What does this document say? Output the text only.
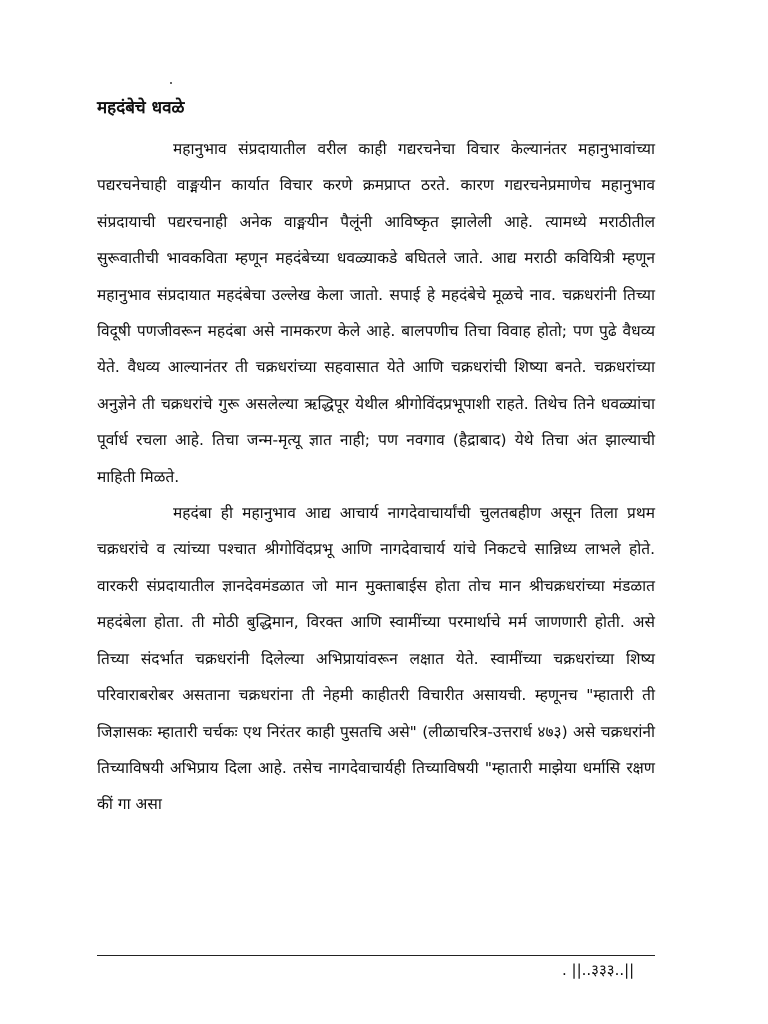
महदंबेचे धवळे

महानुभाव संप्रदायातील वरील काही गद्यरचनेचा विचार केल्यानंतर महानुभावांच्या पद्यरचनेचाही वाङ्मयीन कार्यात विचार करणे क्रमप्राप्त ठरते. कारण गद्यरचनेप्रमाणेच महानुभाव संप्रदायाची पद्यरचनाही अनेक वाङ्मयीन पैलूंनी आविष्कृत झालेली आहे. त्यामध्ये मराठीतील सुरूवातीची भावकविता म्हणून महदंबेच्या धवळ्याकडे बघितले जाते. आद्य मराठी कवियित्री म्हणून महानुभाव संप्रदायात महदंबेचा उल्लेख केला जातो. सपाई हे महदंबेचे मूळचे नाव. चक्रधरांनी तिच्या विदूषी पणजीवरून महदंबा असे नामकरण केले आहे. बालपणीच तिचा विवाह होतो; पण पुढे वैधव्य येते. वैधव्य आल्यानंतर ती चक्रधरांच्या सहवासात येते आणि चक्रधरांची शिष्या बनते. चक्रधरांच्या अनुज्ञेने ती चक्रधरांचे गुरू असलेल्या ऋद्धिपूर येथील श्रीगोविंदप्रभूपाशी राहते. तिथेच तिने धवळ्यांचा पूर्वार्ध रचला आहे. तिचा जन्म-मृत्यू ज्ञात नाही; पण नवगाव (हैद्राबाद) येथे तिचा अंत झाल्याची माहिती मिळते.

महदंबा ही महानुभाव आद्य आचार्य नागदेवाचार्यांची चुलतबहीण असून तिला प्रथम चक्रधरांचे व त्यांच्या पश्चात श्रीगोविंदप्रभू आणि नागदेवाचार्य यांचे निकटचे सान्निध्य लाभले होते. वारकरी संप्रदायातील ज्ञानदेवमंडळात जो मान मुक्ताबाईस होता तोच मान श्रीचक्रधरांच्या मंडळात महदंबेला होता. ती मोठी बुद्धिमान, विरक्त आणि स्वामींच्या परमार्थाचे मर्म जाणणारी होती. असे तिच्या संदर्भात चक्रधरांनी दिलेल्या अभिप्रायांवरून लक्षात येते. स्वामींच्या चक्रधरांच्या शिष्य परिवाराबरोबर असताना चक्रधरांना ती नेहमी काहीतरी विचारीत असायची. म्हणूनच "म्हातारी ती जिज्ञासकः म्हातारी चर्चकः एथ निरंतर काही पुसतचि असे" (लीळाचरित्र-उत्तरार्ध ४७३) असे चक्रधरांनी तिच्याविषयी अभिप्राय दिला आहे. तसेच नागदेवाचार्यही तिच्याविषयी "म्हातारी माझेया धर्मासि रक्षण कीं गा असा

. ||..३३३..||
